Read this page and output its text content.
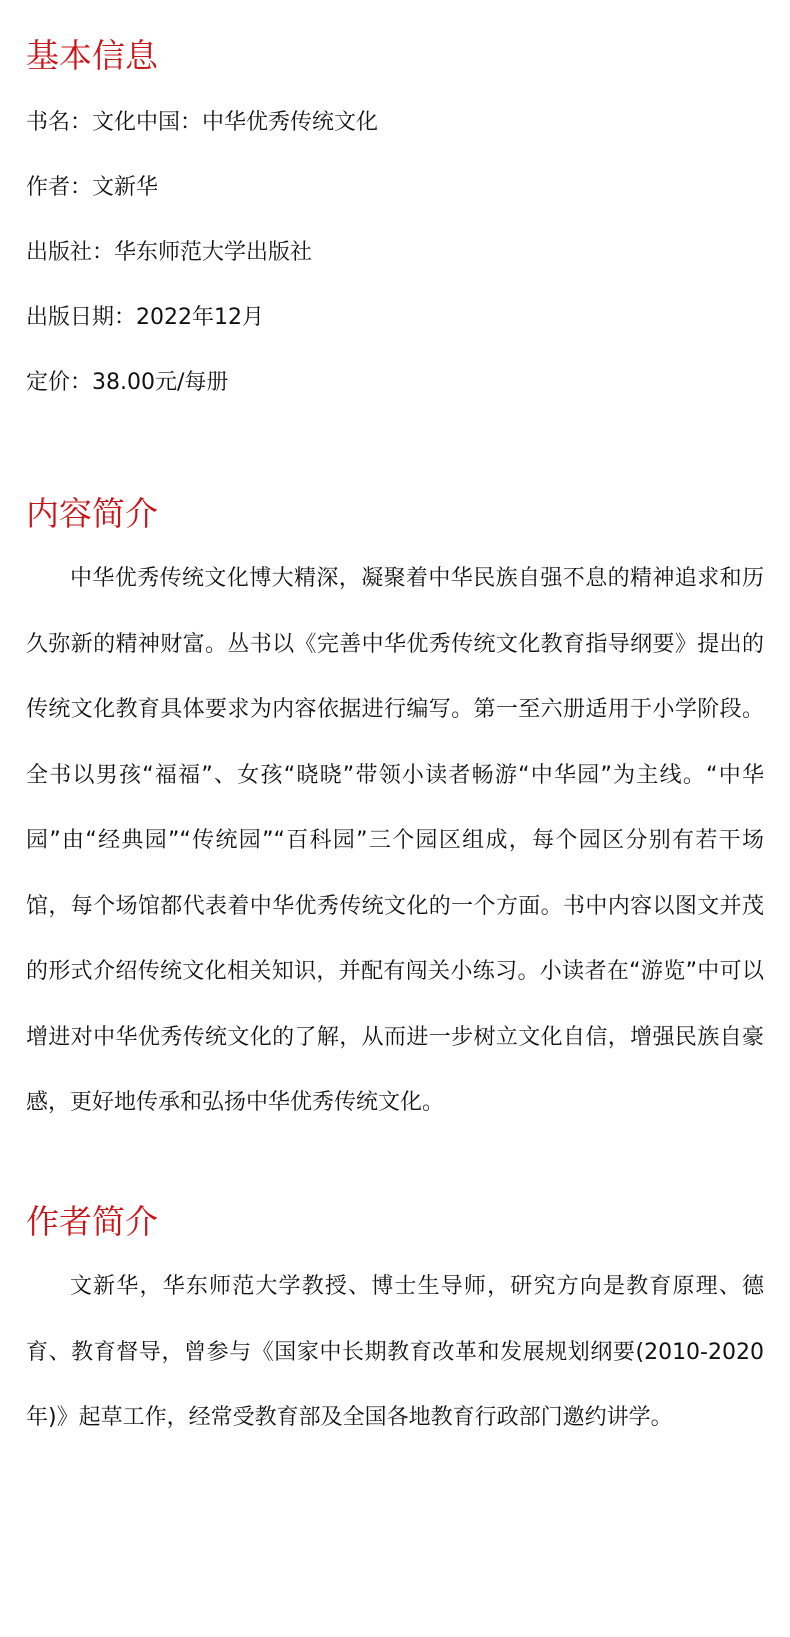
基本信息
书名：文化中国：中华优秀传统文化
作者：文新华
出版社：华东师范大学出版社
出版日期：2022年12月
定价：38.00元/每册
内容简介

中华优秀传统文化博大精深，凝聚着中华民族自强不息的精神追求和历久弥新的精神财富。丛书以《完善中华优秀传统文化教育指导纲要》提出的传统文化教育具体要求为内容依据进行编写。第一至六册适用于小学阶段。全书以男孩“福福”、女孩“晓晓”带领小读者畅游“中华园”为主线。“中华园”由“经典园”“传统园”“百科园”三个园区组成，每个园区分别有若干场馆，每个场馆都代表着中华优秀传统文化的一个方面。书中内容以图文并茂的形式介绍传统文化相关知识，并配有闯关小练习。小读者在“游览”中可以增进对中华优秀传统文化的了解，从而进一步树立文化自信，增强民族自豪感，更好地传承和弘扬中华优秀传统文化。

作者简介

文新华，华东师范大学教授、博士生导师，研究方向是教育原理、德育、教育督导，曾参与《国家中长期教育改革和发展规划纲要(2010-2020 年)》起草工作，经常受教育部及全国各地教育行政部门邀约讲学。
